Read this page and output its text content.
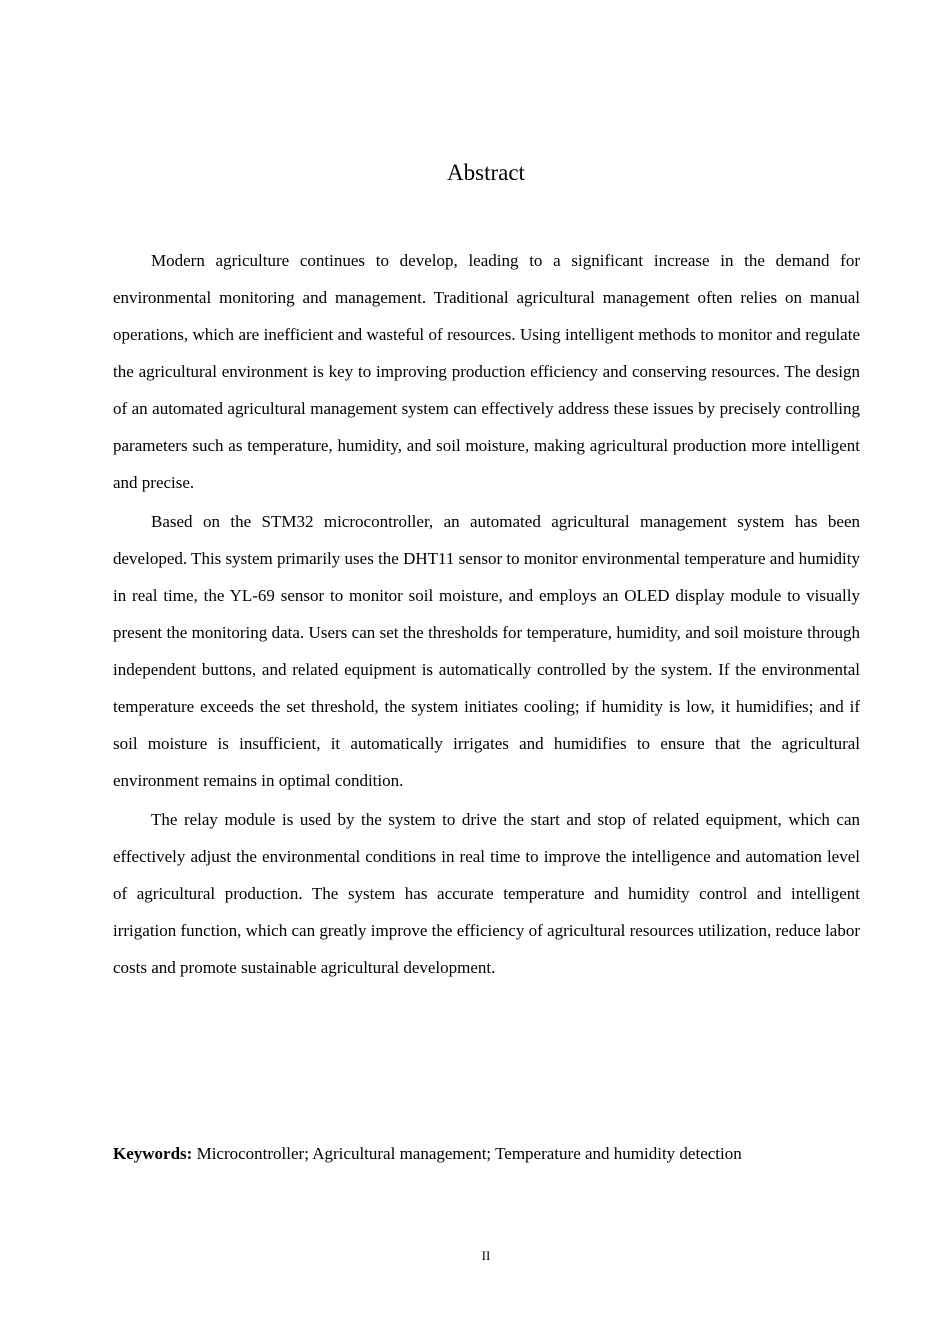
Abstract

Modern agriculture continues to develop, leading to a significant increase in the demand for environmental monitoring and management. Traditional agricultural management often relies on manual operations, which are inefficient and wasteful of resources. Using intelligent methods to monitor and regulate the agricultural environment is key to improving production efficiency and conserving resources. The design of an automated agricultural management system can effectively address these issues by precisely controlling parameters such as temperature, humidity, and soil moisture, making agricultural production more intelligent and precise.

Based on the STM32 microcontroller, an automated agricultural management system has been developed. This system primarily uses the DHT11 sensor to monitor environmental temperature and humidity in real time, the YL-69 sensor to monitor soil moisture, and employs an OLED display module to visually present the monitoring data. Users can set the thresholds for temperature, humidity, and soil moisture through independent buttons, and related equipment is automatically controlled by the system. If the environmental temperature exceeds the set threshold, the system initiates cooling; if humidity is low, it humidifies; and if soil moisture is insufficient, it automatically irrigates and humidifies to ensure that the agricultural environment remains in optimal condition.

The relay module is used by the system to drive the start and stop of related equipment, which can effectively adjust the environmental conditions in real time to improve the intelligence and automation level of agricultural production. The system has accurate temperature and humidity control and intelligent irrigation function, which can greatly improve the efficiency of agricultural resources utilization, reduce labor costs and promote sustainable agricultural development.

Keywords: Microcontroller; Agricultural management; Temperature and humidity detection

II
